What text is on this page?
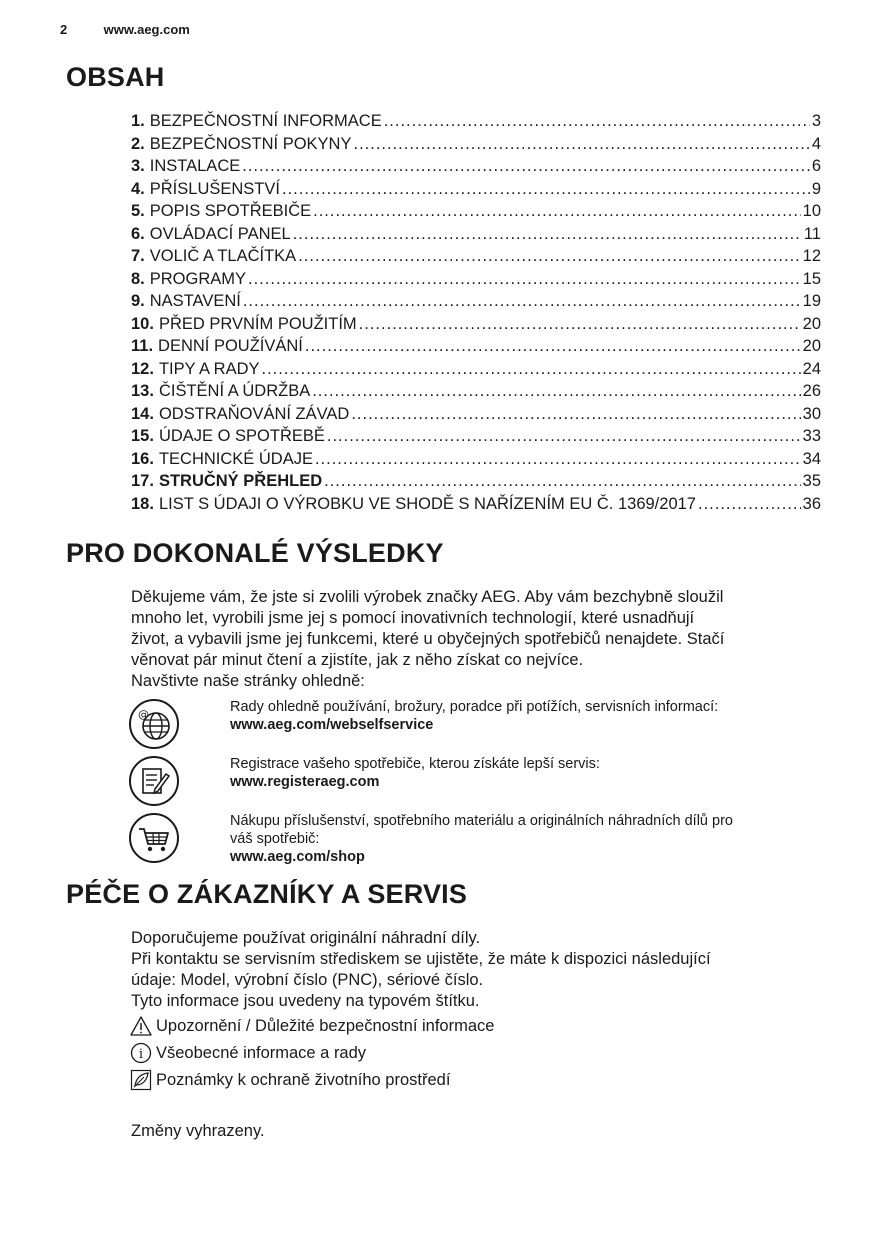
2	www.aeg.com
OBSAH
1. BEZPEČNOSTNÍ INFORMACE .....	3
2. BEZPEČNOSTNÍ POKYNY .....	4
3. INSTALACE .....	6
4. PŘÍSLUŠENSTVÍ .....	9
5. POPIS SPOTŘEBIČE .....	10
6. OVLÁDACÍ PANEL .....	11
7. VOLIČ A TLAČÍTKA .....	12
8. PROGRAMY .....	15
9. NASTAVENÍ .....	19
10. PŘED PRVNÍM POUŽITÍM .....	20
11. DENNÍ POUŽÍVÁNÍ .....	20
12. TIPY A RADY .....	24
13. ČIŠTĚNÍ A ÚDRŽBA .....	26
14. ODSTRAŇOVÁNÍ ZÁVAD .....	30
15. ÚDAJE O SPOTŘEBĚ .....	33
16. TECHNICKÉ ÚDAJE .....	34
17. STRUČNÝ PŘEHLED .....	35
18. LIST S ÚDAJI O VÝROBKU VE SHODĚ S NAŘÍZENÍM EU Č. 1369/2017 .....	36
PRO DOKONALÉ VÝSLEDKY

Děkujeme vám, že jste si zvolili výrobek značky AEG. Aby vám bezchybně sloužil

mnoho let, vyrobili jsme jej s pomocí inovativních technologií, které usnadňují

život, a vybavili jsme jej funkcemi, které u obyčejných spotřebičů nenajdete. Stačí

věnovat pár minut čtení a zjistíte, jak z něho získat co nejvíce.

Navštivte naše stránky ohledně:

@	Rady ohledně používání, brožury, poradce při potížích, servisních informací:
www.aeg.com/webselfservice
Registrace vašeho spotřebiče, kterou získáte lepší servis:
www.registeraeg.com
Nákupu příslušenství, spotřebního materiálu a originálních náhradních dílů pro
váš spotřebič:
www.aeg.com/shop
PÉČE O ZÁKAZNÍKY A SERVIS

Doporučujeme používat originální náhradní díly.

Při kontaktu se servisním střediskem se ujistěte, že máte k dispozici následující

údaje: Model, výrobní číslo (PNC), sériové číslo.

Tyto informace jsou uvedeny na typovém štítku.

Upozornění / Důležité bezpečnostní informace
i Všeobecné informace a rady
Poznámky k ochraně životního prostředí
Změny vyhrazeny.
